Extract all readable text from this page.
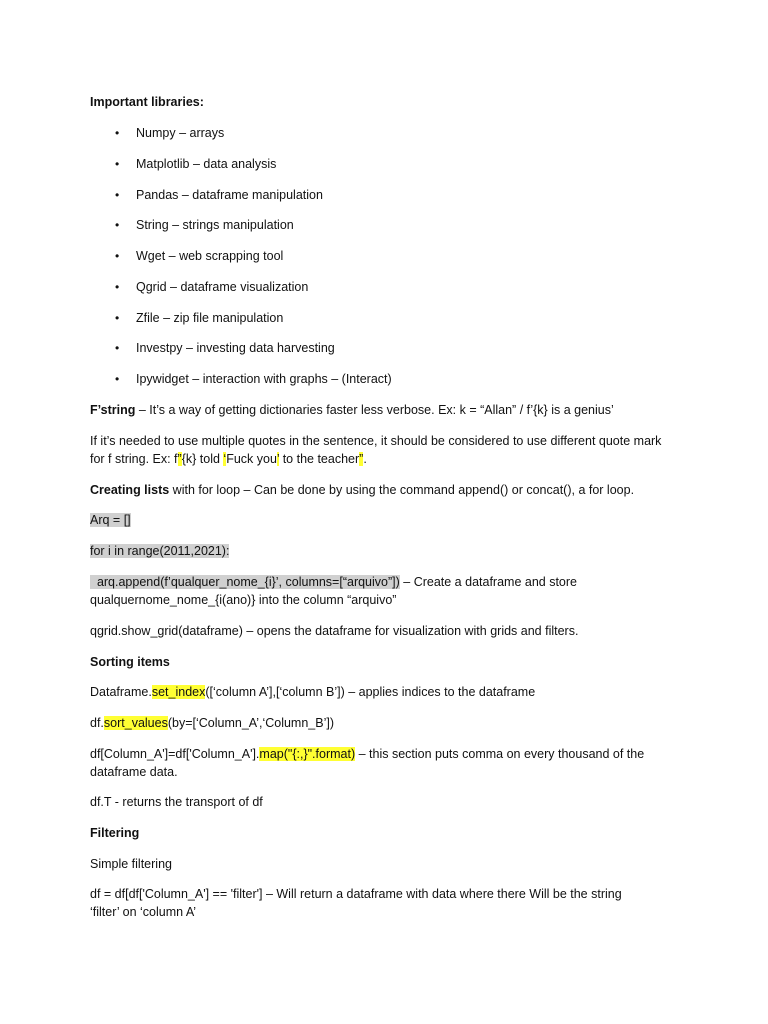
Important libraries:
• Numpy – arrays
• Matplotlib – data analysis
• Pandas – dataframe manipulation
• String – strings manipulation
• Wget – web scrapping tool
• Qgrid – dataframe visualization
• Zfile – zip file manipulation
• Investpy – investing data harvesting
• Ipywidget – interaction with graphs – (Interact)
F’string – It’s a way of getting dictionaries faster less verbose. Ex: k = “Allan” / f’{k} is a genius’
If it’s needed to use multiple quotes in the sentence, it should be considered to use different quote mark
for f string. Ex: f”{k} told ‘Fuck you’ to the teacher”.
Creating lists with for loop – Can be done by using the command append() or concat(), a for loop.
Arq = []
for i in range(2011,2021):
arq.append(f’qualquer_nome_{i}’, columns=[“arquivo”]) – Create a dataframe and store
qualquernome_nome_{i(ano)} into the column “arquivo”
qgrid.show_grid(dataframe) – opens the dataframe for visualization with grids and filters.
Sorting items
Dataframe.set_index([‘column A’],[‘column B’]) – applies indices to the dataframe
df.sort_values(by=[‘Column_A’,‘Column_B’])
df[Column_A']=df['Column_A'].map("{:,}".format) – this section puts comma on every thousand of the
dataframe data.
df.T - returns the transport of df
Filtering
Simple filtering
df = df[df['Column_A'] == 'filter'] – Will return a dataframe with data where there Will be the string
‘filter’ on ‘column A’
